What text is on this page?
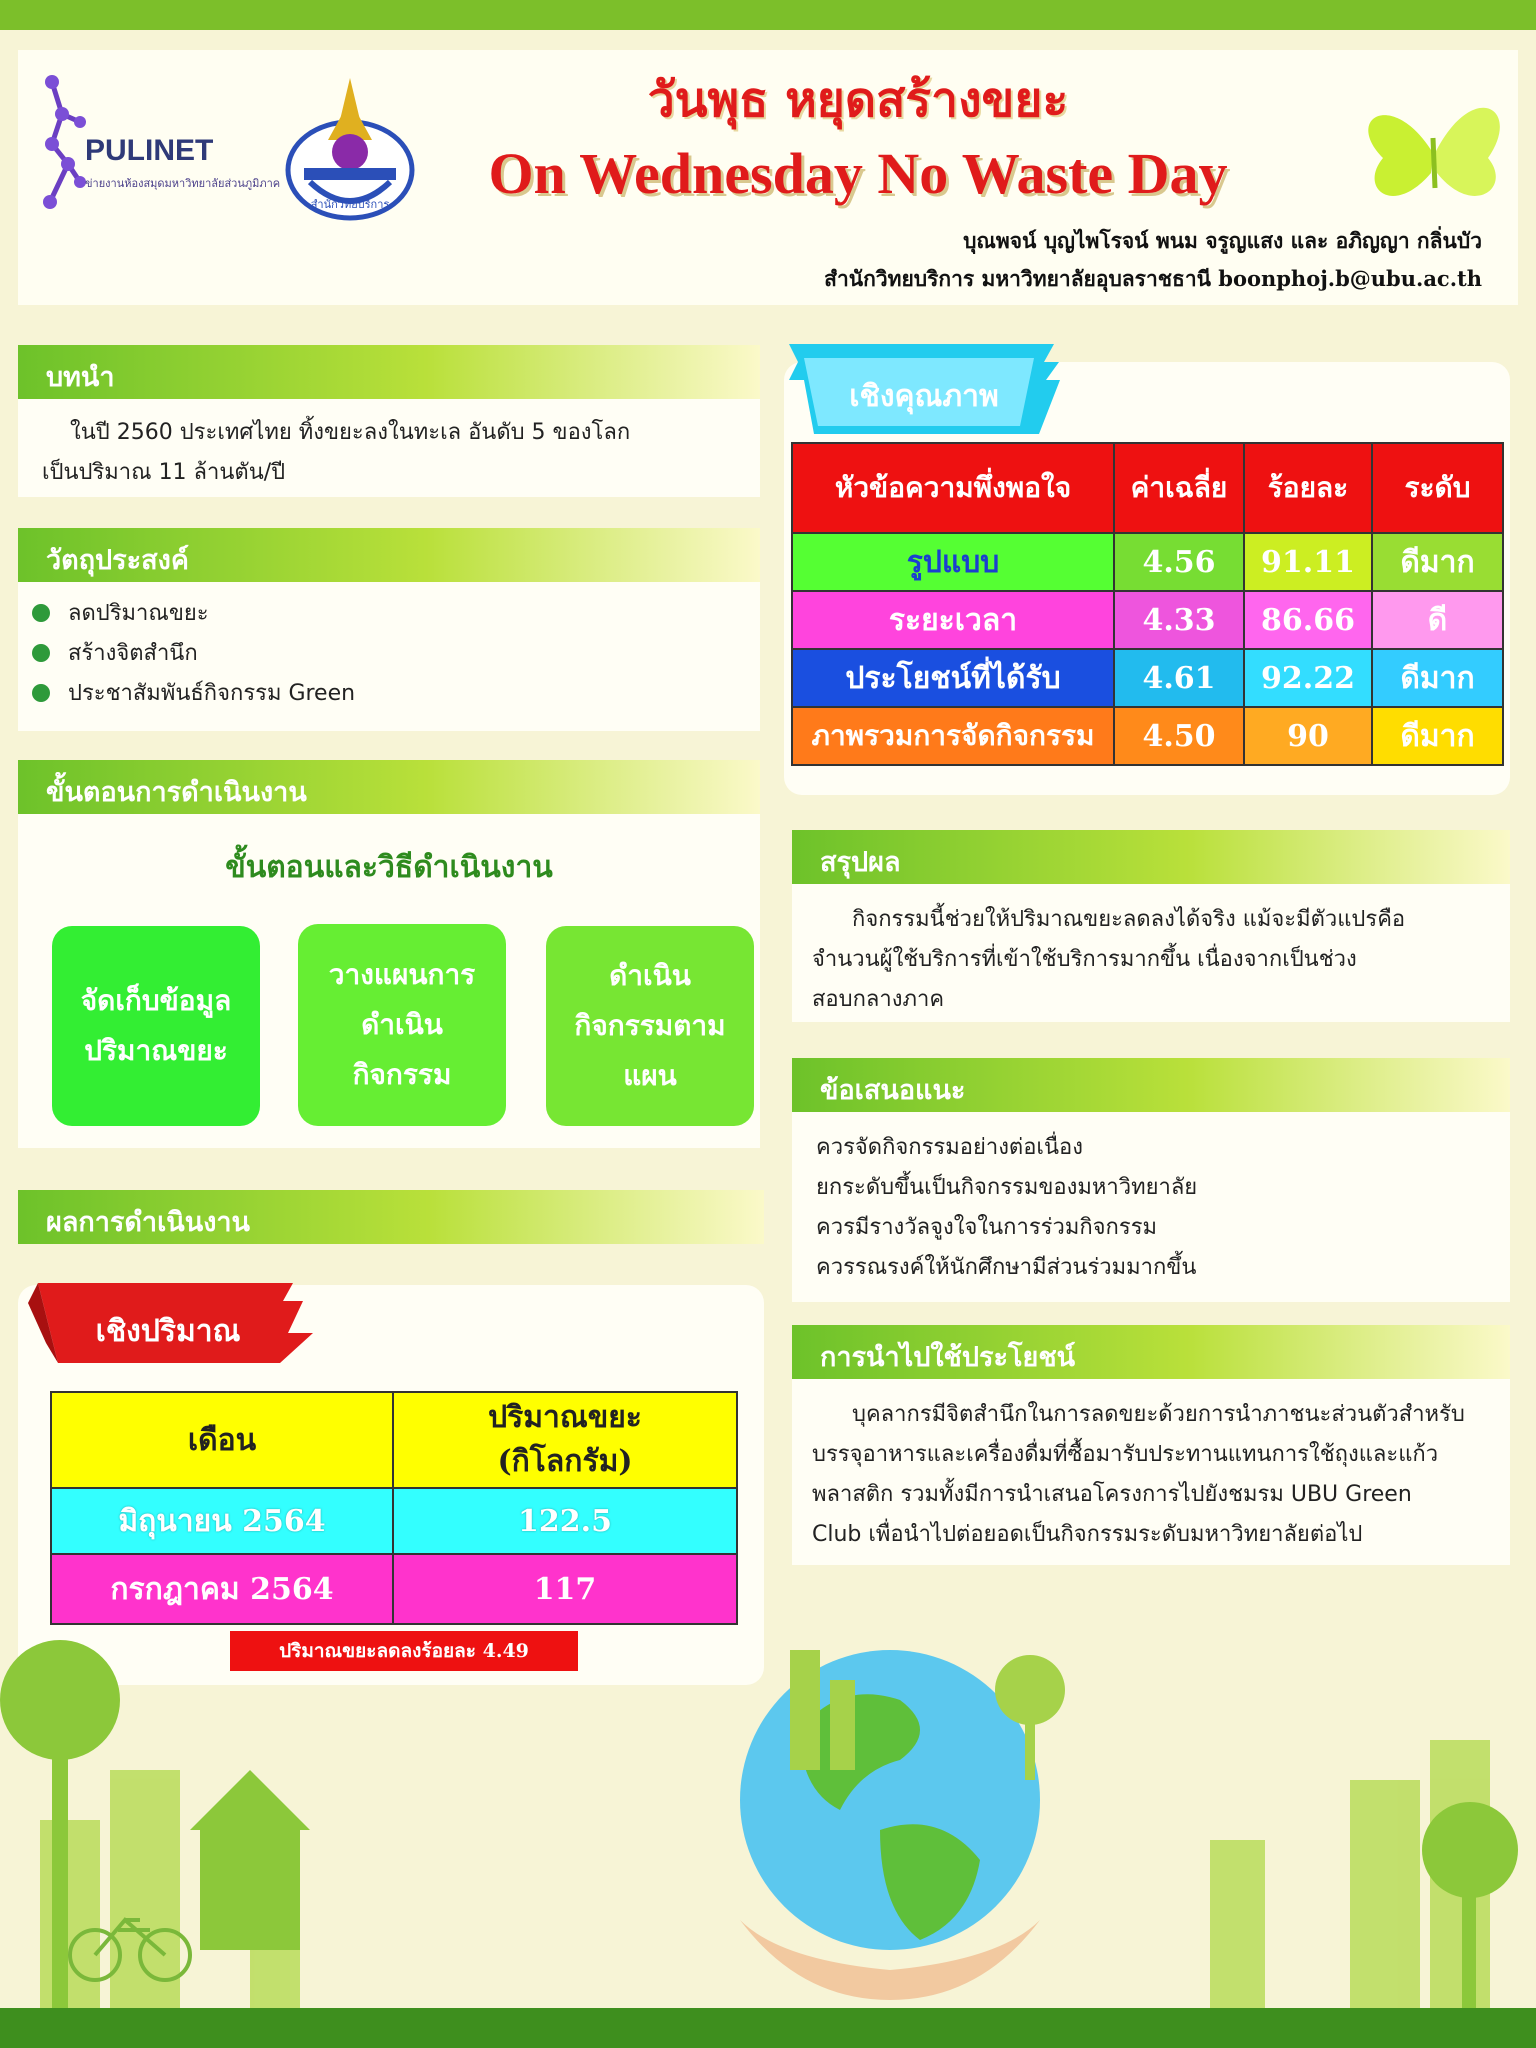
PULINET
ข่ายงานห้องสมุดมหาวิทยาลัยส่วนภูมิภาค
สำนักวิทยบริการ
วันพุธ หยุดสร้างขยะ
On Wednesday No Waste Day
บุณพจน์ บุญไพโรจน์ พนม จรูญแสง และ อภิญญา กลิ่นบัว
สำนักวิทยบริการ มหาวิทยาลัยอุบลราชธานี boonphoj.b@ubu.ac.th
บทนำ
ในปี 2560 ประเทศไทย ทิ้งขยะลงในทะเล อันดับ 5 ของโลก
เป็นปริมาณ 11 ล้านตัน/ปี
วัตถุประสงค์
ลดปริมาณขยะ
สร้างจิตสำนึก
ประชาสัมพันธ์กิจกรรม Green
ขั้นตอนการดำเนินงาน
ขั้นตอนและวิธีดำเนินงาน
จัดเก็บข้อมูล
ปริมาณขยะ
วางแผนการ
ดำเนิน
กิจกรรม
ดำเนิน
กิจกรรมตาม
แผน
ผลการดำเนินงาน
เชิงปริมาณ
เดือน	ปริมาณขยะ
(กิโลกรัม)

มิถุนายน 2564	122.5
กรกฎาคม 2564	117
ปริมาณขยะลดลงร้อยละ 4.49
เชิงคุณภาพ
หัวข้อความพึ่งพอใจ	ค่าเฉลี่ย	ร้อยละ	ระดับ
รูปแบบ	4.56	91.11	ดีมาก
ระยะเวลา	4.33	86.66	ดี
ประโยชน์ที่ได้รับ	4.61	92.22	ดีมาก
ภาพรวมการจัดกิจกรรม	4.50	90	ดีมาก
สรุปผล
กิจกรรมนี้ช่วยให้ปริมาณขยะลดลงได้จริง แม้จะมีตัวแปรคือ
จำนวนผู้ใช้บริการที่เข้าใช้บริการมากขึ้น เนื่องจากเป็นช่วง
สอบกลางภาค
ข้อเสนอแนะ
ควรจัดกิจกรรมอย่างต่อเนื่อง
ยกระดับขึ้นเป็นกิจกรรมของมหาวิทยาลัย
ควรมีรางวัลจูงใจในการร่วมกิจกรรม
ควรรณรงค์ให้นักศึกษามีส่วนร่วมมากขึ้น
การนำไปใช้ประโยชน์
บุคลากรมีจิตสำนึกในการลดขยะด้วยการนำภาชนะส่วนตัวสำหรับ
บรรจุอาหารและเครื่องดื่มที่ซื้อมารับประทานแทนการใช้ถุงและแก้ว
พลาสติก รวมทั้งมีการนำเสนอโครงการไปยังชมรม UBU Green
Club เพื่อนำไปต่อยอดเป็นกิจกรรมระดับมหาวิทยาลัยต่อไป
